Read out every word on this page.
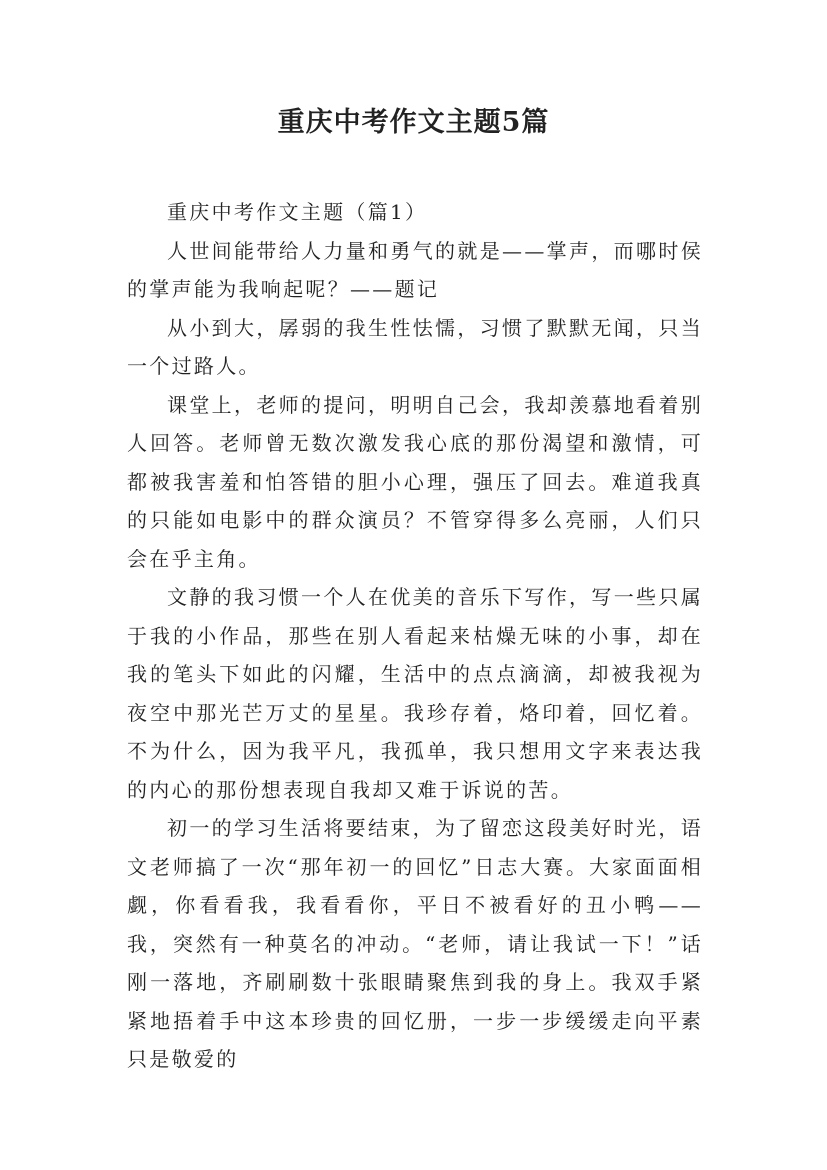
重庆中考作文主题5篇

重庆中考作文主题（篇1）

人世间能带给人力量和勇气的就是——掌声，而哪时侯的掌声能为我响起呢？——题记

从小到大，孱弱的我生性怯懦，习惯了默默无闻，只当一个过路人。

课堂上，老师的提问，明明自己会，我却羡慕地看着别人回答。老师曾无数次激发我心底的那份渴望和激情，可都被我害羞和怕答错的胆小心理，强压了回去。难道我真的只能如电影中的群众演员？不管穿得多么亮丽，人们只会在乎主角。

文静的我习惯一个人在优美的音乐下写作，写一些只属于我的小作品，那些在别人看起来枯燥无味的小事，却在我的笔头下如此的闪耀，生活中的点点滴滴，却被我视为夜空中那光芒万丈的星星。我珍存着，烙印着，回忆着。不为什么，因为我平凡，我孤单，我只想用文字来表达我的内心的那份想表现自我却又难于诉说的苦。

初一的学习生活将要结束，为了留恋这段美好时光，语文老师搞了一次“那年初一的回忆”日志大赛。大家面面相觑，你看看我，我看看你，平日不被看好的丑小鸭——我，突然有一种莫名的冲动。“老师，请让我试一下！”话刚一落地，齐刷刷数十张眼睛聚焦到我的身上。我双手紧紧地捂着手中这本珍贵的回忆册，一步一步缓缓走向平素只是敬爱的
